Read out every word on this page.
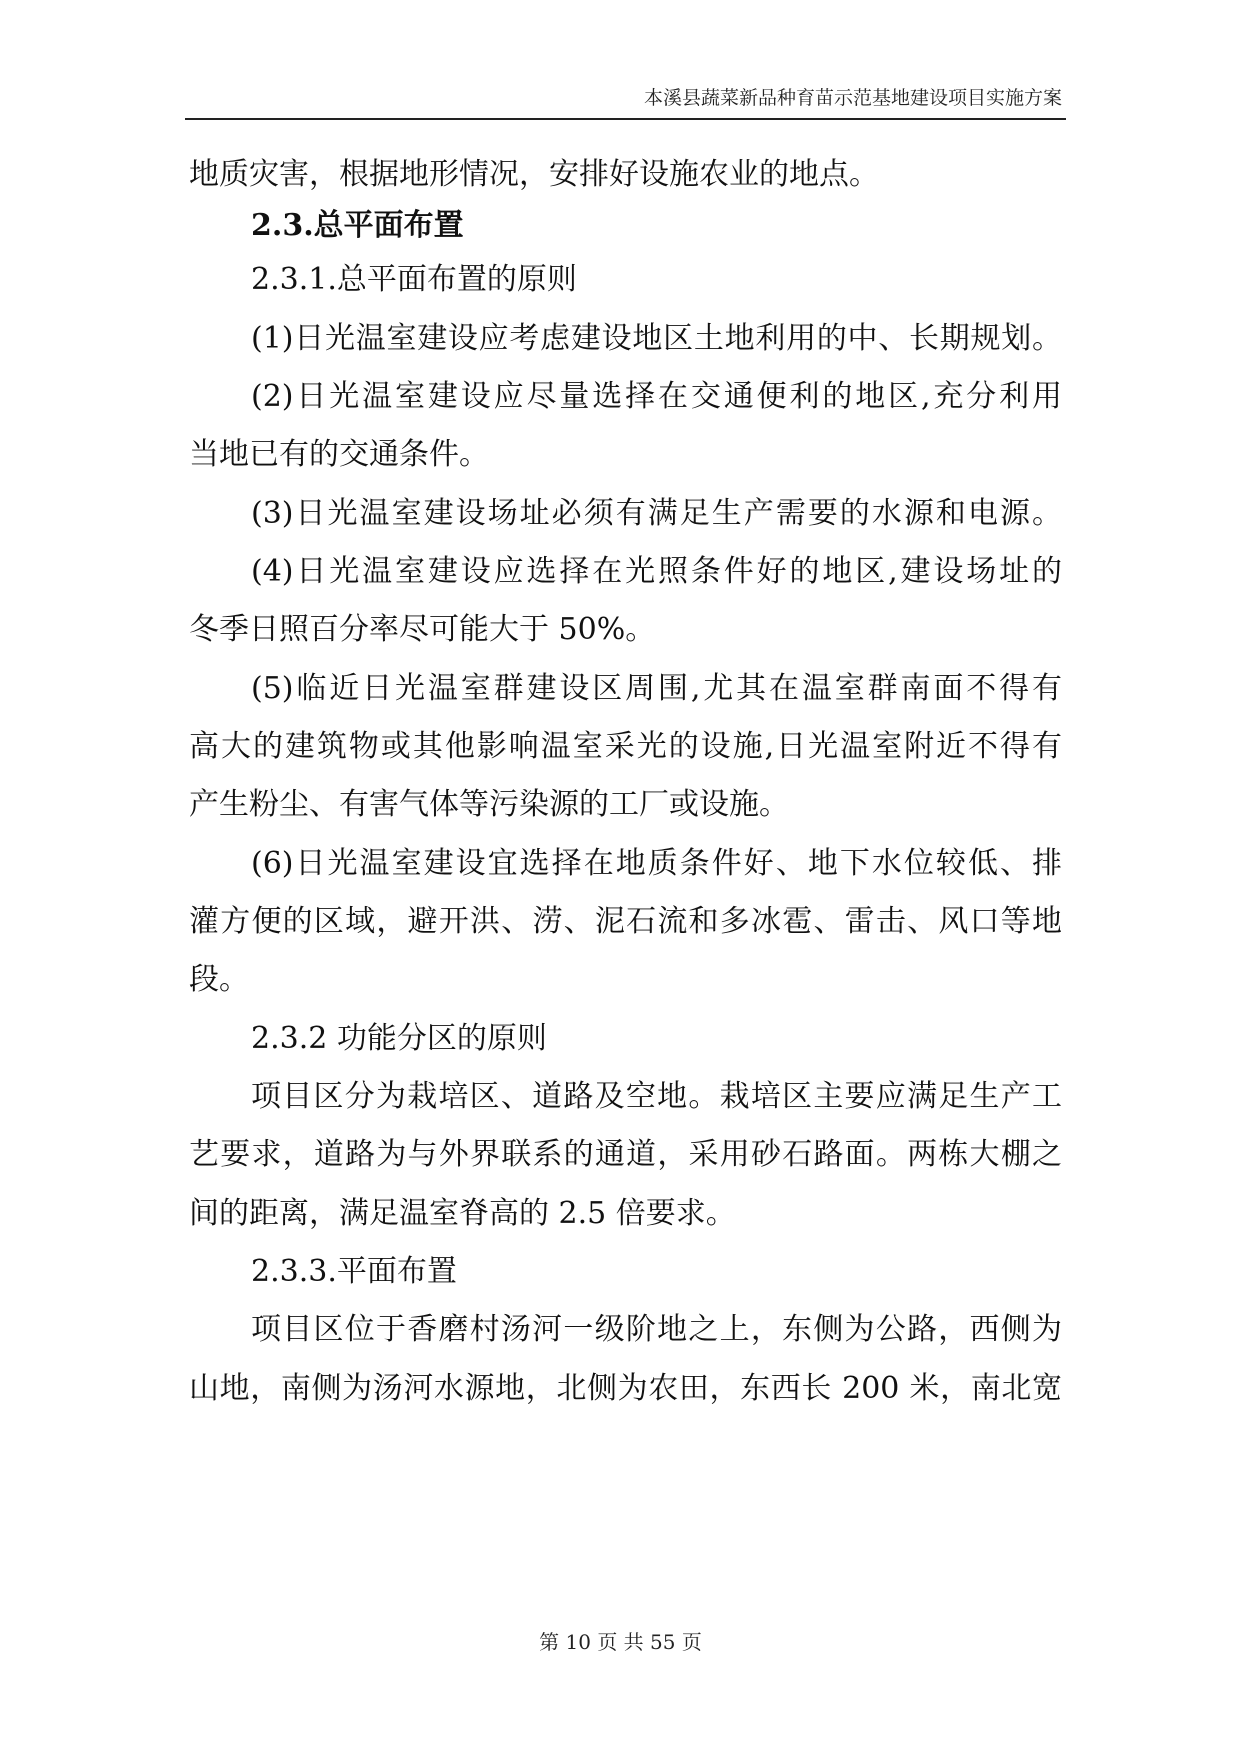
本溪县蔬菜新品种育苗示范基地建设项目实施方案
地质灾害，根据地形情况，安排好设施农业的地点。
2.3.总平面布置
2.3.1.总平面布置的原则
(1)日光温室建设应考虑建设地区土地利用的中、长期规划。
(2)日光温室建设应尽量选择在交通便利的地区,充分利用
当地已有的交通条件。
(3)日光温室建设场址必须有满足生产需要的水源和电源。
(4)日光温室建设应选择在光照条件好的地区,建设场址的
冬季日照百分率尽可能大于 50%。
(5)临近日光温室群建设区周围,尤其在温室群南面不得有
高大的建筑物或其他影响温室采光的设施,日光温室附近不得有
产生粉尘、有害气体等污染源的工厂或设施。
(6)日光温室建设宜选择在地质条件好、地下水位较低、排
灌方便的区域，避开洪、涝、泥石流和多冰雹、雷击、风口等地
段。
2.3.2 功能分区的原则
项目区分为栽培区、道路及空地。栽培区主要应满足生产工
艺要求，道路为与外界联系的通道，采用砂石路面。两栋大棚之
间的距离，满足温室脊高的 2.5 倍要求。
2.3.3.平面布置
项目区位于香磨村汤河一级阶地之上，东侧为公路，西侧为
山地，南侧为汤河水源地，北侧为农田，东西长 200 米，南北宽
第 10 页 共 55 页
